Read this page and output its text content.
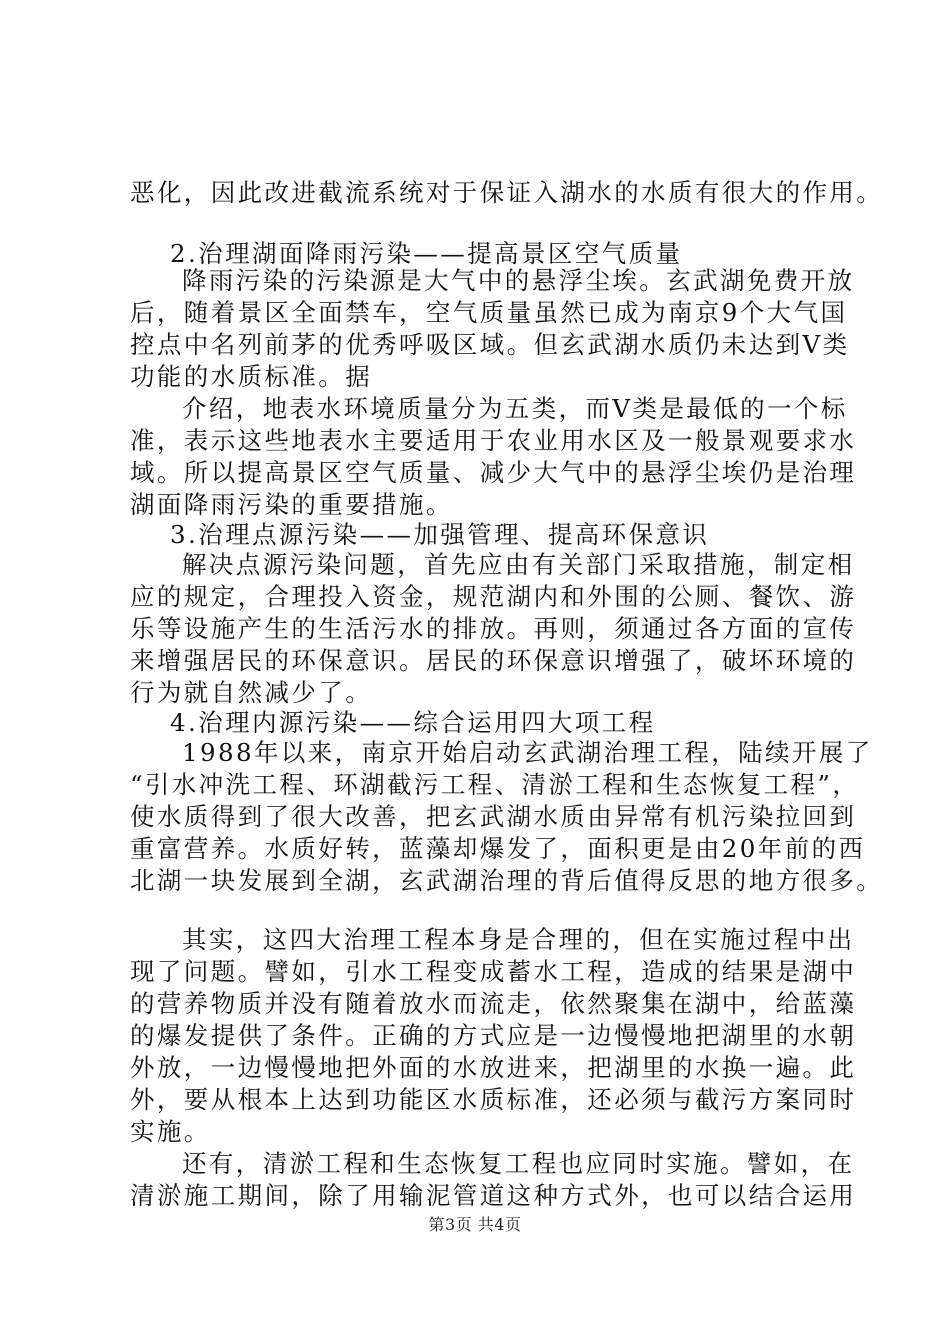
恶化，因此改进截流系统对于保证入湖水的水质有很大的作用。
2.治理湖面降雨污染——提高景区空气质量
降雨污染的污染源是大气中的悬浮尘埃。玄武湖免费开放
后，随着景区全面禁车，空气质量虽然已成为南京9个大气国
控点中名列前茅的优秀呼吸区域。但玄武湖水质仍未达到V类
功能的水质标准。据
介绍，地表水环境质量分为五类，而V类是最低的一个标
准，表示这些地表水主要适用于农业用水区及一般景观要求水
域。所以提高景区空气质量、减少大气中的悬浮尘埃仍是治理
湖面降雨污染的重要措施。
3.治理点源污染——加强管理、提高环保意识
解决点源污染问题，首先应由有关部门采取措施，制定相
应的规定，合理投入资金，规范湖内和外围的公厕、餐饮、游
乐等设施产生的生活污水的排放。再则，须通过各方面的宣传
来增强居民的环保意识。居民的环保意识增强了，破坏环境的
行为就自然减少了。
4.治理内源污染——综合运用四大项工程
1988年以来，南京开始启动玄武湖治理工程，陆续开展了
“引水冲洗工程、环湖截污工程、清淤工程和生态恢复工程”，
使水质得到了很大改善，把玄武湖水质由异常有机污染拉回到
重富营养。水质好转，蓝藻却爆发了，面积更是由20年前的西
北湖一块发展到全湖，玄武湖治理的背后值得反思的地方很多。
其实，这四大治理工程本身是合理的，但在实施过程中出
现了问题。譬如，引水工程变成蓄水工程，造成的结果是湖中
的营养物质并没有随着放水而流走，依然聚集在湖中，给蓝藻
的爆发提供了条件。正确的方式应是一边慢慢地把湖里的水朝
外放，一边慢慢地把外面的水放进来，把湖里的水换一遍。此
外，要从根本上达到功能区水质标准，还必须与截污方案同时
实施。
还有，清淤工程和生态恢复工程也应同时实施。譬如，在
清淤施工期间，除了用输泥管道这种方式外，也可以结合运用
第3页 共4页
